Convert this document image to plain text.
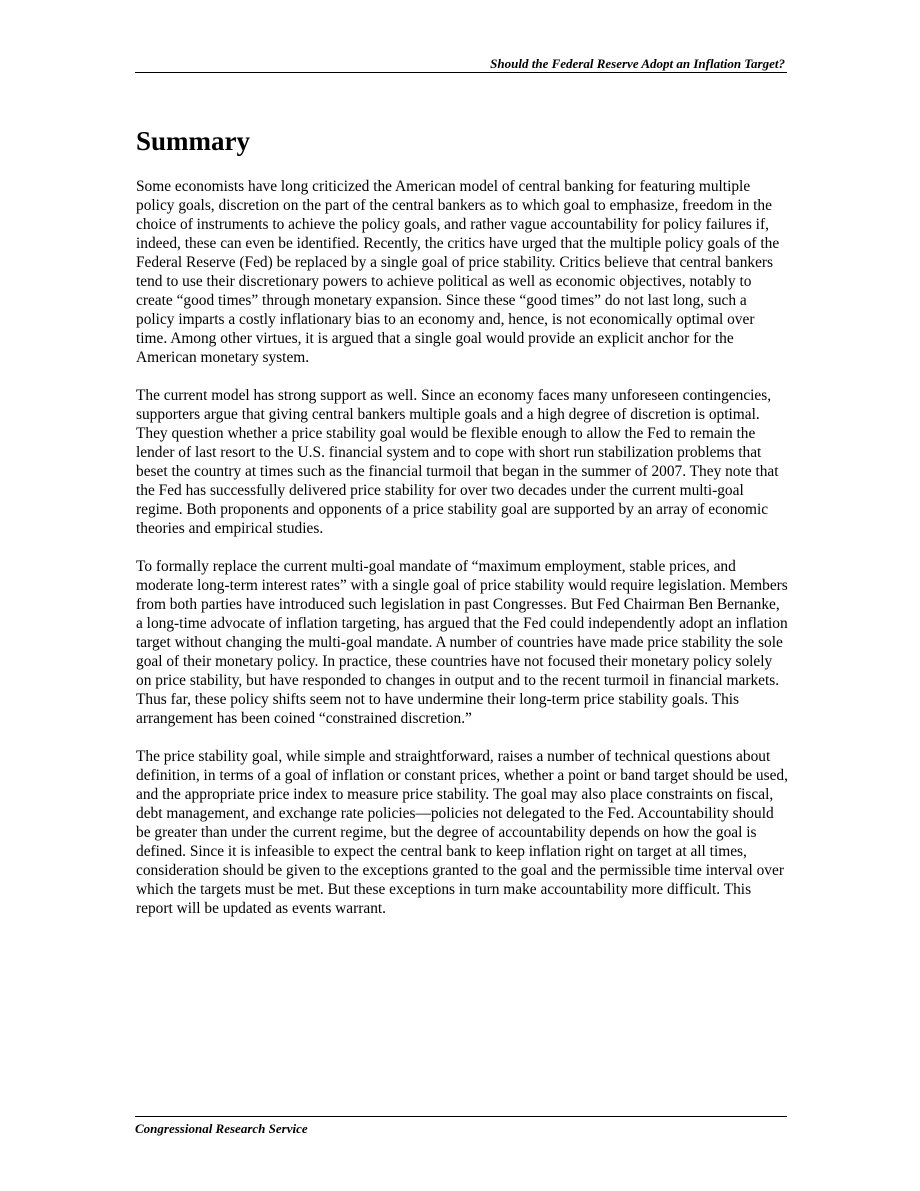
Should the Federal Reserve Adopt an Inflation Target?
Summary

Some economists have long criticized the American model of central banking for featuring multiple policy goals, discretion on the part of the central bankers as to which goal to emphasize, freedom in the choice of instruments to achieve the policy goals, and rather vague accountability for policy failures if, indeed, these can even be identified. Recently, the critics have urged that the multiple policy goals of the Federal Reserve (Fed) be replaced by a single goal of price stability. Critics believe that central bankers tend to use their discretionary powers to achieve political as well as economic objectives, notably to create “good times” through monetary expansion. Since these “good times” do not last long, such a policy imparts a costly inflationary bias to an economy and, hence, is not economically optimal over time. Among other virtues, it is argued that a single goal would provide an explicit anchor for the American monetary system.

The current model has strong support as well. Since an economy faces many unforeseen contingencies, supporters argue that giving central bankers multiple goals and a high degree of discretion is optimal. They question whether a price stability goal would be flexible enough to allow the Fed to remain the lender of last resort to the U.S. financial system and to cope with short run stabilization problems that beset the country at times such as the financial turmoil that began in the summer of 2007. They note that the Fed has successfully delivered price stability for over two decades under the current multi-goal regime. Both proponents and opponents of a price stability goal are supported by an array of economic theories and empirical studies.

To formally replace the current multi-goal mandate of “maximum employment, stable prices, and moderate long-term interest rates” with a single goal of price stability would require legislation. Members from both parties have introduced such legislation in past Congresses. But Fed Chairman Ben Bernanke, a long-time advocate of inflation targeting, has argued that the Fed could independently adopt an inflation target without changing the multi-goal mandate. A number of countries have made price stability the sole goal of their monetary policy. In practice, these countries have not focused their monetary policy solely on price stability, but have responded to changes in output and to the recent turmoil in financial markets. Thus far, these policy shifts seem not to have undermine their long-term price stability goals. This arrangement has been coined “constrained discretion.”

The price stability goal, while simple and straightforward, raises a number of technical questions about definition, in terms of a goal of inflation or constant prices, whether a point or band target should be used, and the appropriate price index to measure price stability. The goal may also place constraints on fiscal, debt management, and exchange rate policies—policies not delegated to the Fed. Accountability should be greater than under the current regime, but the degree of accountability depends on how the goal is defined. Since it is infeasible to expect the central bank to keep inflation right on target at all times, consideration should be given to the exceptions granted to the goal and the permissible time interval over which the targets must be met. But these exceptions in turn make accountability more difficult. This report will be updated as events warrant.

Congressional Research Service
